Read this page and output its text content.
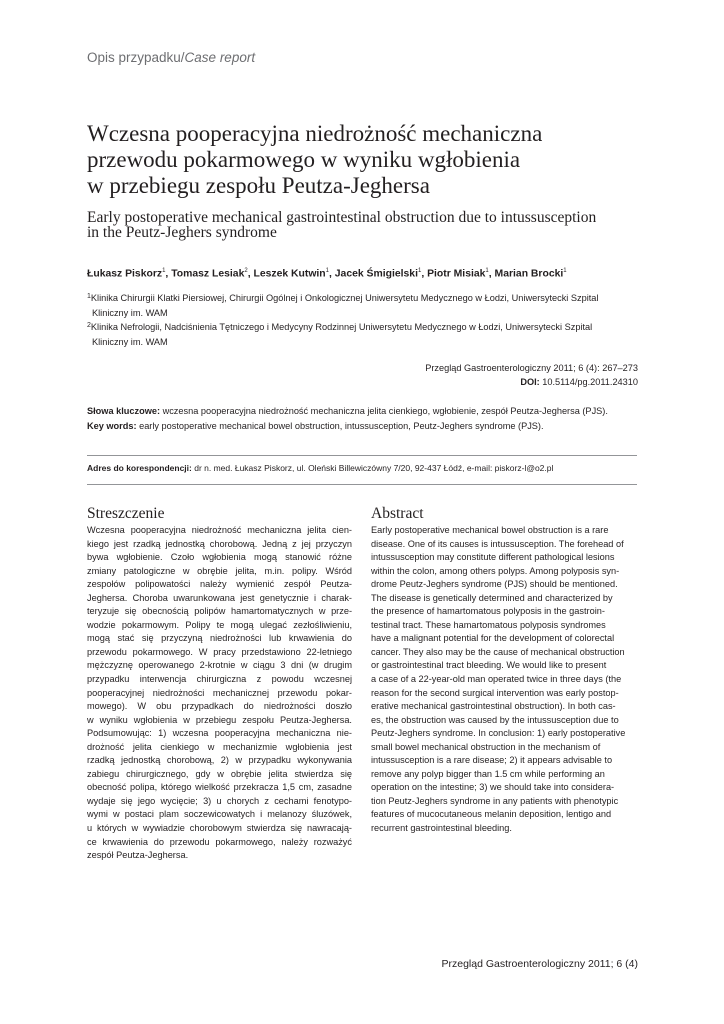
Opis przypadku/Case report
Wczesna pooperacyjna niedrożność mechaniczna
przewodu pokarmowego w wyniku wgłobienia
w przebiegu zespołu Peutza-Jeghersa
Early postoperative mechanical gastrointestinal obstruction due to intussusception
in the Peutz-Jeghers syndrome
Łukasz Piskorz$^1$, Tomasz Lesiak$^2$, Leszek Kutwin$^1$, Jacek Śmigielski$^1$, Piotr Misiak$^1$, Marian Brocki$^1$
$^1$Klinika Chirurgii Klatki Piersiowej, Chirurgii Ogólnej i Onkologicznej Uniwersytetu Medycznego w Łodzi, Uniwersytecki Szpital
Kliniczny im. WAM
$^2$Klinika Nefrologii, Nadciśnienia Tętniczego i Medycyny Rodzinnej Uniwersytetu Medycznego w Łodzi, Uniwersytecki Szpital
Kliniczny im. WAM
Przegląd Gastroenterologiczny 2011; 6 (4): 267–273
DOI: 10.5114/pg.2011.24310
Słowa kluczowe: wczesna pooperacyjna niedrożność mechaniczna jelita cienkiego, wgłobienie, zespół Peutza-Jeghersa (PJS).
Key words: early postoperative mechanical bowel obstruction, intussusception, Peutz-Jeghers syndrome (PJS).
Adres do korespondencji: dr n. med. Łukasz Piskorz, ul. Oleński Billewiczówny 7/20, 92-437 Łódź, e-mail: piskorz-l@o2.pl
Streszczenie	Abstract
Wczesna pooperacyjna niedrożność mechaniczna jelita cien-
kiego jest rzadką jednostką chorobową. Jedną z jej przyczyn
bywa wgłobienie. Czoło wgłobienia mogą stanowić różne
zmiany patologiczne w obrębie jelita, m.in. polipy. Wśród
zespołów polipowatości należy wymienić zespół Peutza-
Jeghersa. Choroba uwarunkowana jest genetycznie i charak-
teryzuje się obecnością polipów hamartomatycznych w prze-
wodzie pokarmowym. Polipy te mogą ulegać zezłośliwieniu,
mogą stać się przyczyną niedrożności lub krwawienia do
przewodu pokarmowego. W pracy przedstawiono 22-letniego
mężczyznę operowanego 2-krotnie w ciągu 3 dni (w drugim
przypadku interwencja chirurgiczna z powodu wczesnej
pooperacyjnej niedrożności mechanicznej przewodu pokar-
mowego). W obu przypadkach do niedrożności doszło
w wyniku wgłobienia w przebiegu zespołu Peutza-Jeghersa.
Podsumowując: 1) wczesna pooperacyjna mechaniczna nie-
drożność jelita cienkiego w mechanizmie wgłobienia jest
rzadką jednostką chorobową, 2) w przypadku wykonywania
zabiegu chirurgicznego, gdy w obrębie jelita stwierdza się
obecność polipa, którego wielkość przekracza 1,5 cm, zasadne
wydaje się jego wycięcie; 3) u chorych z cechami fenotypo-
wymi w postaci plam soczewicowatych i melanozy śluzówek,
u których w wywiadzie chorobowym stwierdza się nawracają-
ce krwawienia do przewodu pokarmowego, należy rozważyć
zespół Peutza-Jeghersa.
Early postoperative mechanical bowel obstruction is a rare
disease. One of its causes is intussusception. The forehead of
intussusception may constitute different pathological lesions
within the colon, among others polyps. Among polyposis syn-
drome Peutz-Jeghers syndrome (PJS) should be mentioned.
The disease is genetically determined and characterized by
the presence of hamartomatous polyposis in the gastroin-
testinal tract. These hamartomatous polyposis syndromes
have a malignant potential for the development of colorectal
cancer. They also may be the cause of mechanical obstruction
or gastrointestinal tract bleeding. We would like to present
a case of a 22-year-old man operated twice in three days (the
reason for the second surgical intervention was early postop-
erative mechanical gastrointestinal obstruction). In both cas-
es, the obstruction was caused by the intussusception due to
Peutz-Jeghers syndrome. In conclusion: 1) early postoperative
small bowel mechanical obstruction in the mechanism of
intussusception is a rare disease; 2) it appears advisable to
remove any polyp bigger than 1.5 cm while performing an
operation on the intestine; 3) we should take into considera-
tion Peutz-Jeghers syndrome in any patients with phenotypic
features of mucocutaneous melanin deposition, lentigo and
recurrent gastrointestinal bleeding.
Przegląd Gastroenterologiczny 2011; 6 (4)
